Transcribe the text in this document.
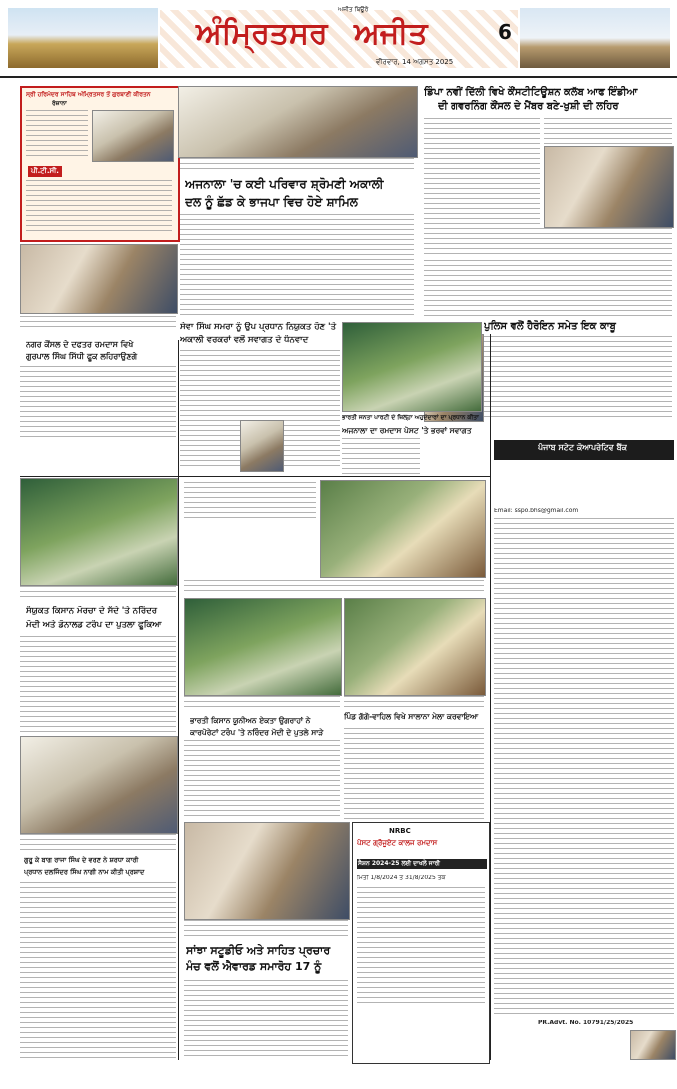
ਅਜੀਤ ਬਿਊਰੋ
ਅੰਮ੍ਰਿਤਸਰ ਅਜੀਤ
ਵੀਰਵਾਰ, 14 ਅਗਸਤ 2025
6
ਸ੍ਰੀ ਹਰਿਮੰਦਰ ਸਾਹਿਬ ਅੰਮ੍ਰਿਤਸਰ ਤੋਂ ਗੁਰਬਾਣੀ ਕੀਰਤਨ
ਰੋਜ਼ਾਨਾ
ਪੀ.ਟੀ.ਸੀ.
ਅਜਨਾਲਾ 'ਚ ਕਈ ਪਰਿਵਾਰ ਸ਼੍ਰੋਮਣੀ ਅਕਾਲੀ
ਦਲ ਨੂੰ ਛੱਡ ਕੇ ਭਾਜਪਾ ਵਿਚ ਹੋਏ ਸ਼ਾਮਿਲ
ਡਿੰਪਾ ਨਵੀਂ ਦਿੱਲੀ ਵਿਖੇ ਕੌਂਸਟੀਟਿਊਸ਼ਨ ਕਲੱਬ ਆਫ ਇੰਡੀਆ
ਦੀ ਗਵਰਨਿੰਗ ਕੌਂਸਲ ਦੇ ਮੈਂਬਰ ਬਣੇ-ਖੁਸ਼ੀ ਦੀ ਲਹਿਰ
ਪੁਲਿਸ ਵਲੋਂ ਹੈਰੋਇਨ ਸਮੇਤ ਇਕ ਕਾਬੂ
ਨਗਰ ਕੌਂਸਲ ਦੇ ਦਫਤਰ ਰਮਦਾਸ ਵਿਖੇ
ਗੁਰਪਾਲ ਸਿੰਘ ਸਿੱਧੀ ਫੂਕ ਲਹਿਰਾਉਣਗੇ
ਸੇਵਾ ਸਿੰਘ ਸਮਰਾ ਨੂੰ ਉਪ ਪ੍ਰਧਾਨ ਨਿਯੁਕਤ ਹੋਣ 'ਤੇ
ਅਕਾਲੀ ਵਰਕਰਾਂ ਵਲੋਂ ਸਵਾਗਤ ਦੇ ਧੰਨਵਾਦ
ਭਾਰਤੀ ਜਨਤਾ ਪਾਰਟੀ ਦੇ ਜ਼ਿਲ੍ਹਾ ਅਹੁਦੇਦਾਰਾਂ ਦਾ ਪ੍ਰਧਾਨ ਕੀਤਾ
ਅਜਨਾਲਾ ਦਾ ਰਮਦਾਸ ਪੋਸਟ 'ਤੇ ਭਰਵਾਂ ਸਵਾਗਤ
ਪੰਜਾਬ ਸਟੇਟ ਕੋਆਪਰੇਟਿਵ ਬੈਂਕ
Email: sspo.bhs@gmail.com
PR.Advt. No. 10791/25/2025
ਸੰਯੁਕਤ ਕਿਸਾਨ ਮੋਰਚਾ ਦੇ ਸੱਦੇ 'ਤੇ ਨਰਿੰਦਰ
ਮੋਦੀ ਅਤੇ ਡੋਨਾਲਡ ਟਰੰਪ ਦਾ ਪੁਤਲਾ ਫੂਕਿਆ
ਭਾਰਤੀ ਕਿਸਾਨ ਯੂਨੀਅਨ ਏਕਤਾ ਉਗਰਾਹਾਂ ਨੇ
ਕਾਰਪੋਰੇਟਾਂ ਟਰੰਪ 'ਤੇ ਨਰਿੰਦਰ ਮੋਦੀ ਦੇ ਪੁਤਲੇ ਸਾੜੇ
ਪਿੰਡ ਗੱਗੋ-ਵਾਹਿਲ ਵਿਖੇ ਸਾਲਾਨਾ ਮੇਲਾ ਕਰਵਾਇਆ
ਗੁਰੂ ਕੇ ਬਾਗ ਰਾਜਾ ਸਿੰਘ ਦੇ ਵਰਣ ਨੇ ਸ਼ਰਧਾ ਕਾਰੀ
ਪ੍ਰਧਾਨ ਦਲਜਿੰਦਰ ਸਿੰਘ ਨਾਗੀ ਨਾਮ ਕੀਤੀ ਪ੍ਰਸ਼ਾਦ
ਸਾਂਝਾ ਸਟੂਡੀਓ ਅਤੇ ਸਾਹਿਤ ਪ੍ਰਚਾਰ
ਮੰਚ ਵਲੋਂ ਐਵਾਰਡ ਸਮਾਰੋਹ 17 ਨੂੰ
NRBC
ਪੋਸਟ ਗ੍ਰੈਜੂਏਟ ਕਾਲਜ ਰਮਦਾਸ
ਸੈਸ਼ਨ 2024-25 ਲਈ ਦਾਖਲੇ ਜਾਰੀ
ਮਿਤੀ 1/8/2024 ਤੋਂ 31/8/2025 ਤੱਕ
